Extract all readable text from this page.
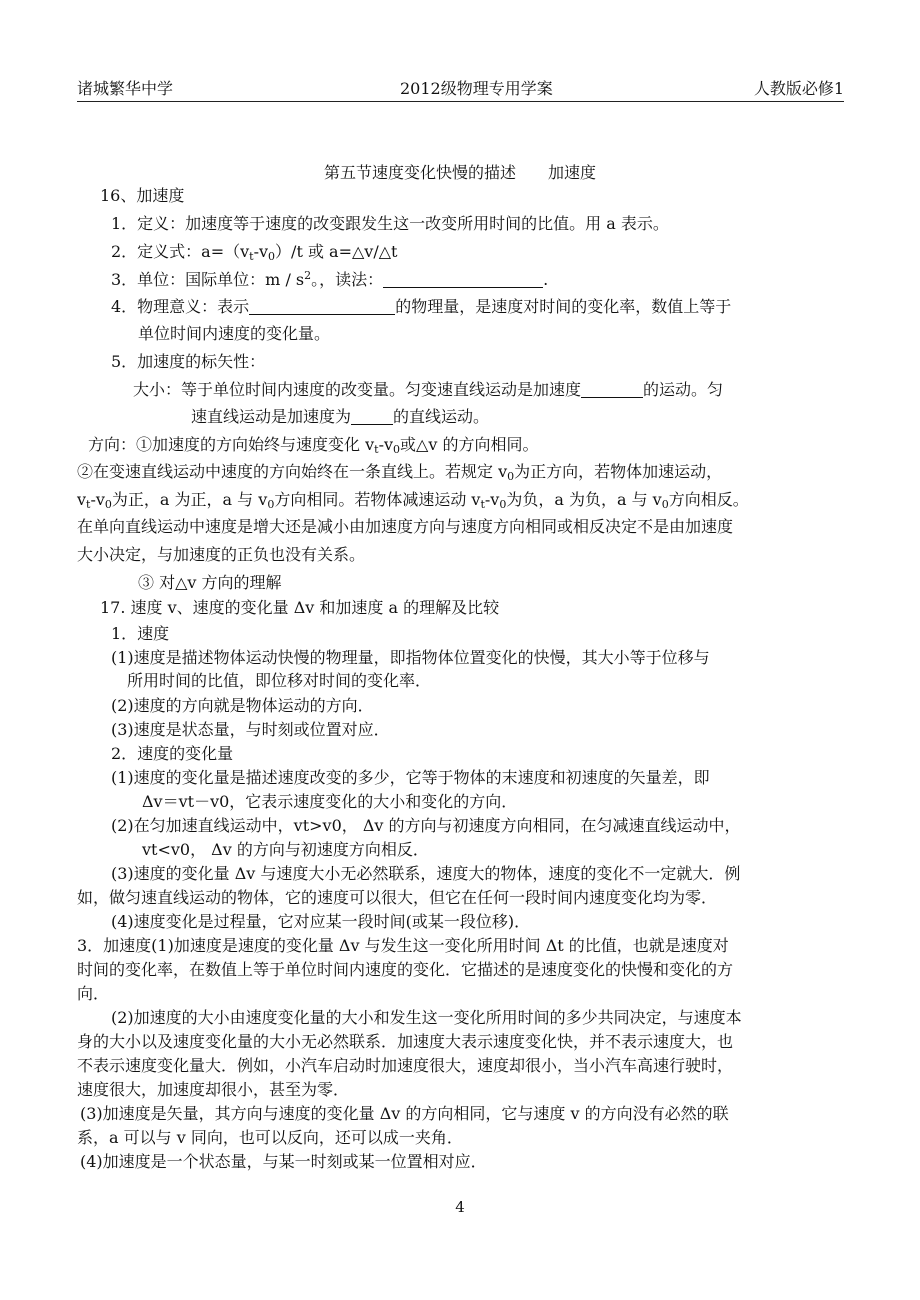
诸城繁华中学	2012级物理专用学案	人教版必修1
第五节速度变化快慢的描述　　加速度
16、加速度
1．定义：加速度等于速度的改变跟发生这一改变所用时间的比值。用 a 表示。
2．定义式：$a=(v_t-v_0)/t$ 或 a=△v/△t
3．单位：国际单位：m / $s^2$。，读法：	.
4．物理意义：表示	的物理量，是速度对时间的变化率，数值上等于
单位时间内速度的变化量。
5．加速度的标矢性：
大小：等于单位时间内速度的改变量。匀变速直线运动是加速度	的运动。匀
速直线运动是加速度为	的直线运动。
方向：①加速度的方向始终与速度变化 $v_t-v_0$或△v 的方向相同。
②在变速直线运动中速度的方向始终在一条直线上。若规定 $v_0$为正方向，若物体加速运动，
$v_t-v_0$为正，a 为正，a 与 $v_0$方向相同。若物体减速运动 $v_t-v_0$为负，a 为负，a 与 $v_0$方向相反。
在单向直线运动中速度是增大还是减小由加速度方向与速度方向相同或相反决定不是由加速度
大小决定，与加速度的正负也没有关系。
③ 对△v 方向的理解
17. 速度 v、速度的变化量 Δv 和加速度 a 的理解及比较
1．速度
(1)速度是描述物体运动快慢的物理量，即指物体位置变化的快慢，其大小等于位移与
所用时间的比值，即位移对时间的变化率．
(2)速度的方向就是物体运动的方向．
(3)速度是状态量，与时刻或位置对应．
2．速度的变化量
(1)速度的变化量是描述速度改变的多少，它等于物体的末速度和初速度的矢量差，即
Δv＝vt－v0，它表示速度变化的大小和变化的方向．
(2)在匀加速直线运动中，vt>v0， Δv 的方向与初速度方向相同，在匀减速直线运动中，
vt<v0， Δv 的方向与初速度方向相反．
(3)速度的变化量 Δv 与速度大小无必然联系，速度大的物体，速度的变化不一定就大．例
如，做匀速直线运动的物体，它的速度可以很大，但它在任何一段时间内速度变化均为零．
(4)速度变化是过程量，它对应某一段时间(或某一段位移)．
3．加速度(1)加速度是速度的变化量 Δv 与发生这一变化所用时间 Δt 的比值，也就是速度对
时间的变化率，在数值上等于单位时间内速度的变化．它描述的是速度变化的快慢和变化的方
向．
(2)加速度的大小由速度变化量的大小和发生这一变化所用时间的多少共同决定，与速度本
身的大小以及速度变化量的大小无必然联系．加速度大表示速度变化快，并不表示速度大，也
不表示速度变化量大．例如，小汽车启动时加速度很大，速度却很小，当小汽车高速行驶时，
速度很大，加速度却很小，甚至为零．
(3)加速度是矢量，其方向与速度的变化量 Δv 的方向相同，它与速度 v 的方向没有必然的联
系，a 可以与 v 同向，也可以反向，还可以成一夹角．
(4)加速度是一个状态量，与某一时刻或某一位置相对应．
4
